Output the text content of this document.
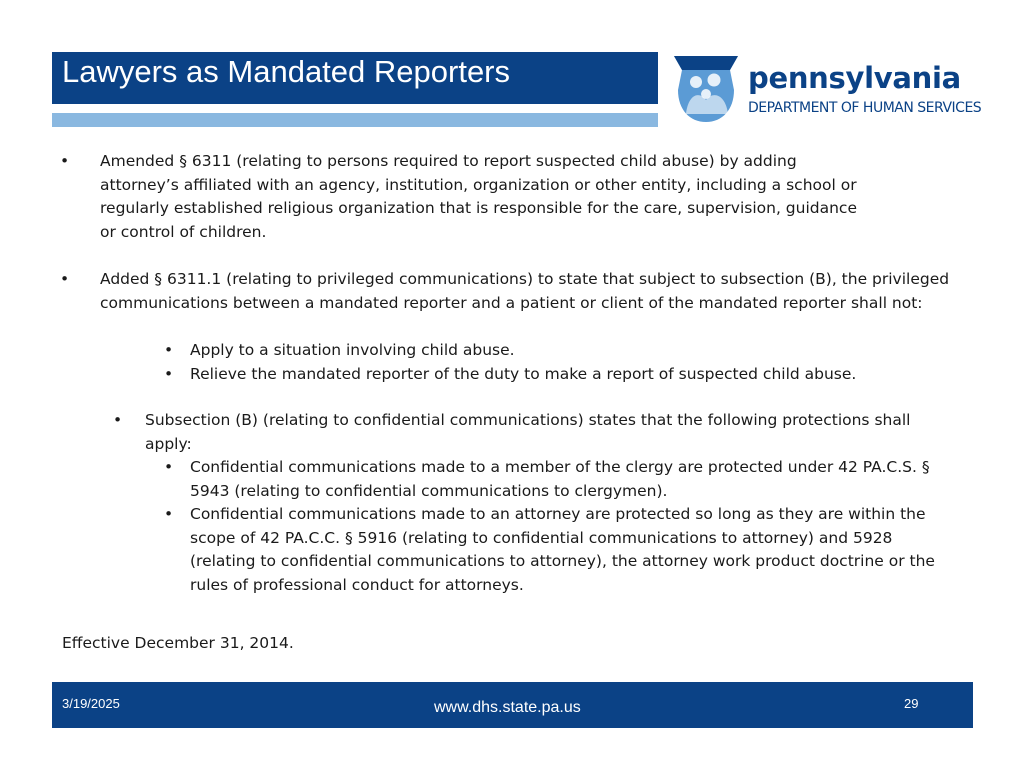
Lawyers as Mandated Reporters	pennsylvania
DEPARTMENT OF HUMAN SERVICES
• Amended § 6311 (relating to persons required to report suspected child abuse) by adding attorney’s affiliated with an agency, institution, organization or other entity, including a school or regularly established religious organization that is responsible for the care, supervision, guidance or control of children.

• Added § 6311.1 (relating to privileged communications) to state that subject to subsection (B), the privileged communications between a mandated reporter and a patient or client of the mandated reporter shall not:

• Apply to a situation involving child abuse.

• Relieve the mandated reporter of the duty to make a report of suspected child abuse.

• Subsection (B) (relating to confidential communications) states that the following protections shall apply:

• Confidential communications made to a member of the clergy are protected under 42 PA.C.S. § 5943 (relating to confidential communications to clergymen).

• Confidential communications made to an attorney are protected so long as they are within the scope of 42 PA.C.C. § 5916 (relating to confidential communications to attorney) and 5928 (relating to confidential communications to attorney), the attorney work product doctrine or the rules of professional conduct for attorneys.

Effective December 31, 2014.
3/19/2025	www.dhs.state.pa.us	29
